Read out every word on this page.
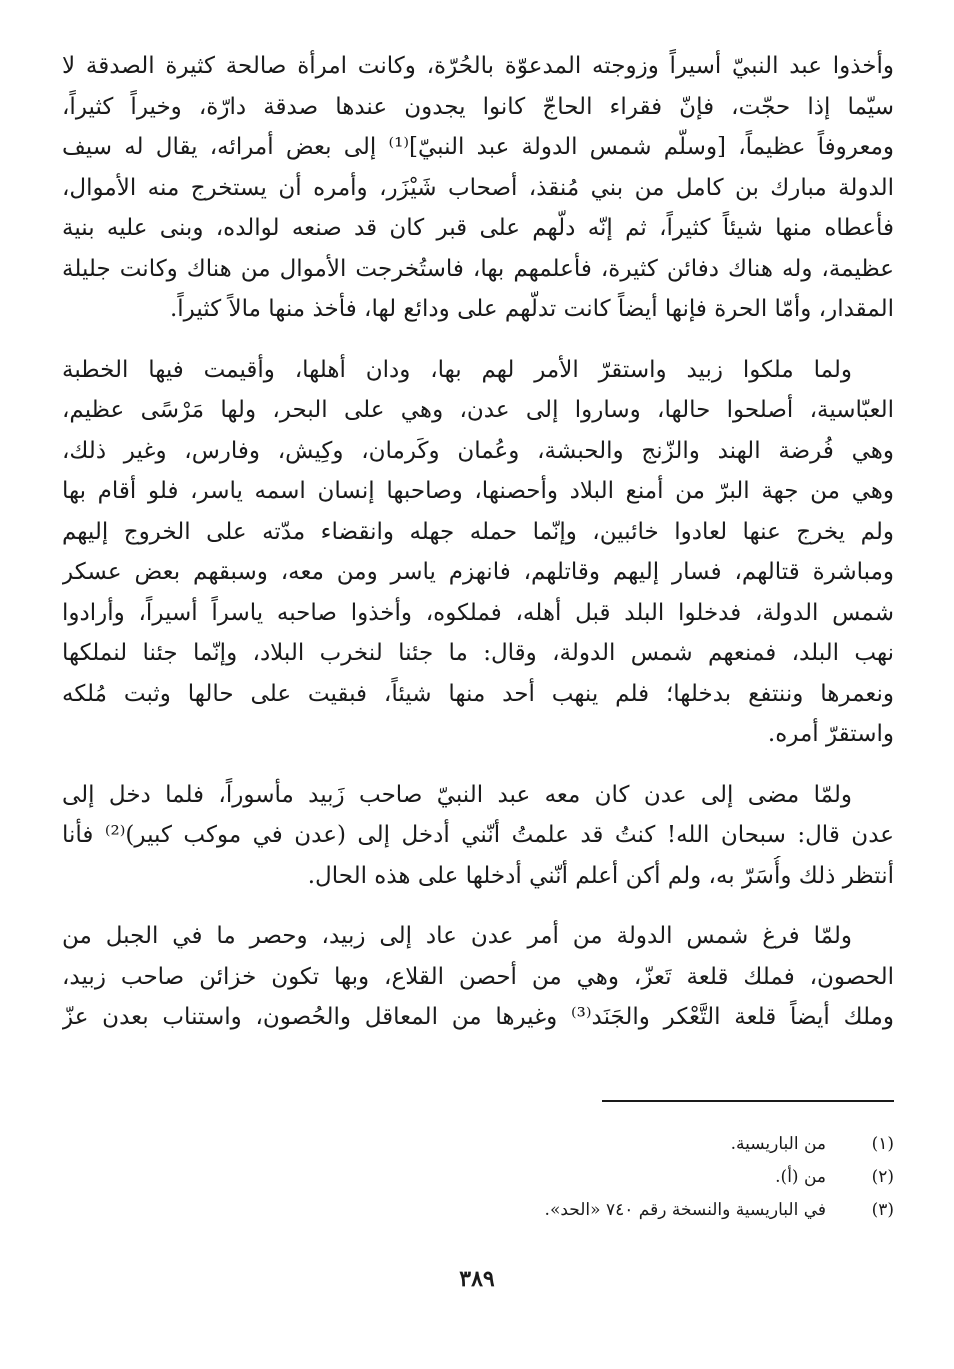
وأخذوا عبد النبيّ أسيراً وزوجته المدعوّة بالحُرّة، وكانت امرأة صالحة كثيرة الصدقة لا
سيّما إذا حجّت، فإنّ فقراء الحاجّ كانوا يجدون عندها صدقة دارّة، وخيراً كثيراً،
ومعروفاً عظيماً، [وسلّم شمس الدولة عبد النبيّ]⁽¹⁾ إلى بعض أمرائه، يقال له سيف
الدولة مبارك بن كامل من بني مُنقذ، أصحاب شَيْزَر، وأمره أن يستخرج منه الأموال،
فأعطاه منها شيئاً كثيراً، ثم إنّه دلّهم على قبر كان قد صنعه لوالده، وبنى عليه بنية
عظيمة، وله هناك دفائن كثيرة، فأعلمهم بها، فاستُخرجت الأموال من هناك وكانت جليلة
المقدار، وأمّا الحرة فإنها أيضاً كانت تدلّهم على ودائع لها، فأخذ منها مالاً كثيراً.
ولما ملكوا زبيد واستقرّ الأمر لهم بها، ودان أهلها، وأقيمت فيها الخطبة
العبّاسية، أصلحوا حالها، وساروا إلى عدن، وهي على البحر، ولها مَرْسًى عظيم،
وهي فُرضة الهند والزّنج والحبشة، وعُمان وكَرمان، وكِيش، وفارس، وغير ذلك،
وهي من جهة البرّ من أمنع البلاد وأحصنها، وصاحبها إنسان اسمه ياسر، فلو أقام بها
ولم يخرج عنها لعادوا خائبين، وإنّما حمله جهله وانقضاء مدّته على الخروج إليهم
ومباشرة قتالهم، فسار إليهم وقاتلهم، فانهزم ياسر ومن معه، وسبقهم بعض عسكر
شمس الدولة، فدخلوا البلد قبل أهله، فملكوه، وأخذوا صاحبه ياسراً أسيراً، وأرادوا
نهب البلد، فمنعهم شمس الدولة، وقال: ما جئنا لنخرب البلاد، وإنّما جئنا لنملكها
ونعمرها وننتفع بدخلها؛ فلم ينهب أحد منها شيئاً، فبقيت على حالها وثبت مُلكه
واستقرّ أمره.
ولمّا مضى إلى عدن كان معه عبد النبيّ صاحب زَبيد مأسوراً، فلما دخل إلى
عدن قال: سبحان الله! كنتُ قد علمتُ أنّني أدخل إلى (عدن في موكب كبير)⁽²⁾ فأنا
أنتظر ذلك وأُسَرّ به، ولم أكن أعلم أنّني أدخلها على هذه الحال.
ولمّا فرغ شمس الدولة من أمر عدن عاد إلى زبيد، وحصر ما في الجبل من
الحصون، فملك قلعة تَعزّ، وهي من أحصن القلاع، وبها تكون خزائن صاحب زبيد،
وملك أيضاً قلعة التَّعْكر والجَنَد⁽³⁾ وغيرها من المعاقل والحُصون، واستناب بعدن عزّ
(١)من الباريسية.
(٢)من (أ).
(٣)في الباريسية والنسخة رقم ٧٤٠ «الحد».
٣٨٩
